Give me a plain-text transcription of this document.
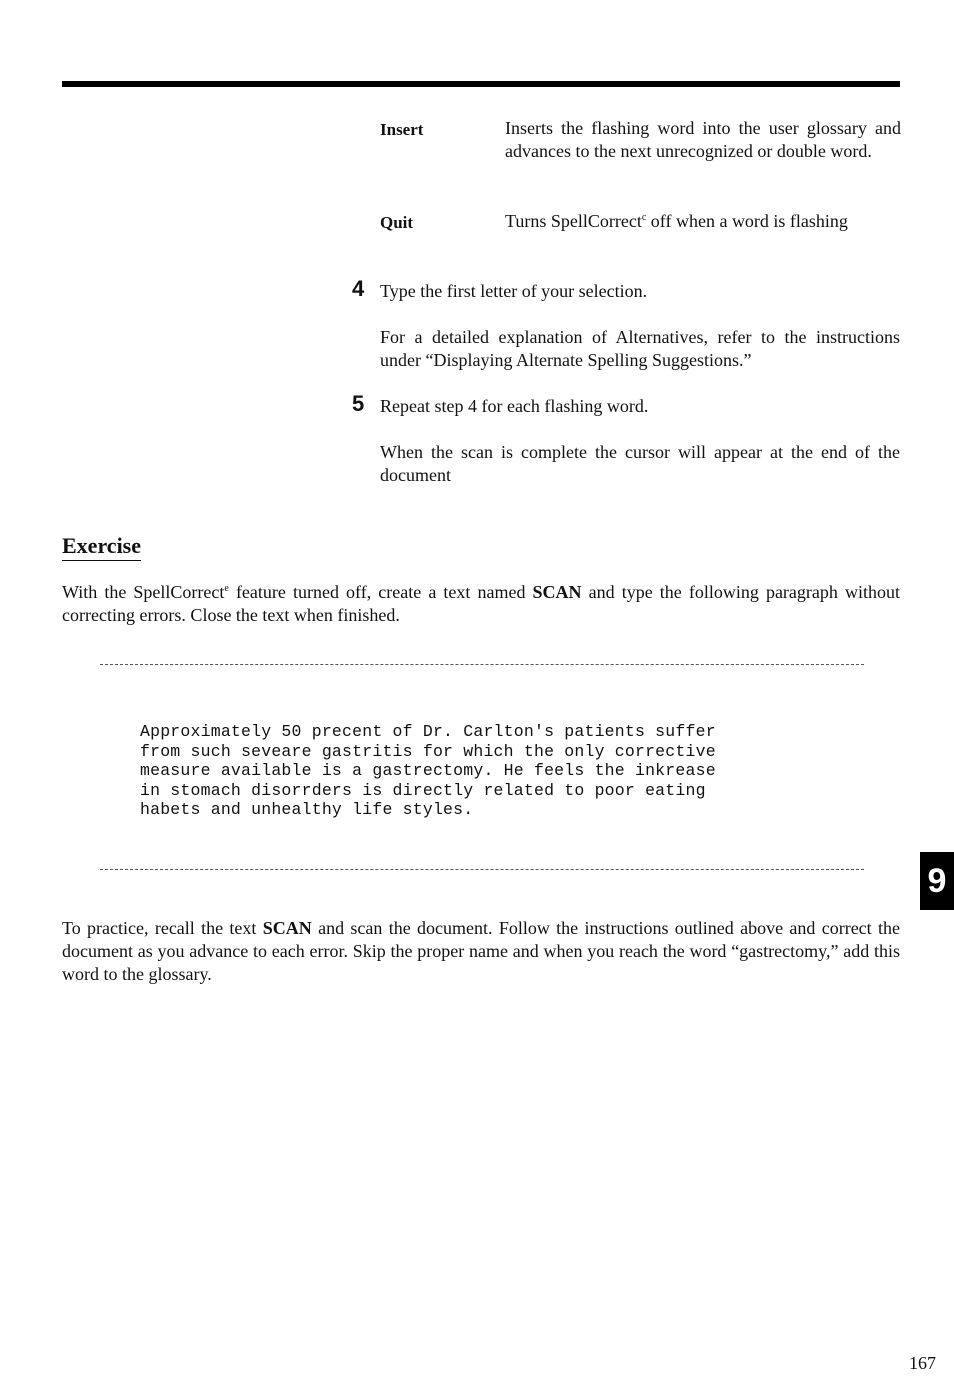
Insert	Inserts the flashing word into the user glossary and advances to the next unrecognized or double word.

Quit	Turns SpellCorrect$^c$ off when a word is flashing

4 Type the first letter of your selection.

For a detailed explanation of Alternatives, refer to the instructions under “Displaying Alternate Spelling Suggestions.”

5 Repeat step 4 for each flashing word.

When the scan is complete the cursor will appear at the end of the document

Exercise

With the SpellCorrect$^e$ feature turned off, create a text named SCAN and type the following paragraph without correcting errors. Close the text when finished.

Approximately 50 precent of Dr. Carlton's patients suffer
from such seveare gastritis for which the only corrective
measure available is a gastrectomy. He feels the inkrease
in stomach disorrders is directly related to poor eating
habets and unhealthy life styles.

To practice, recall the text SCAN and scan the document. Follow the instructions outlined above and correct the document as you advance to each error. Skip the proper name and when you reach the word “gastrectomy,” add this word to the glossary.

9
167
